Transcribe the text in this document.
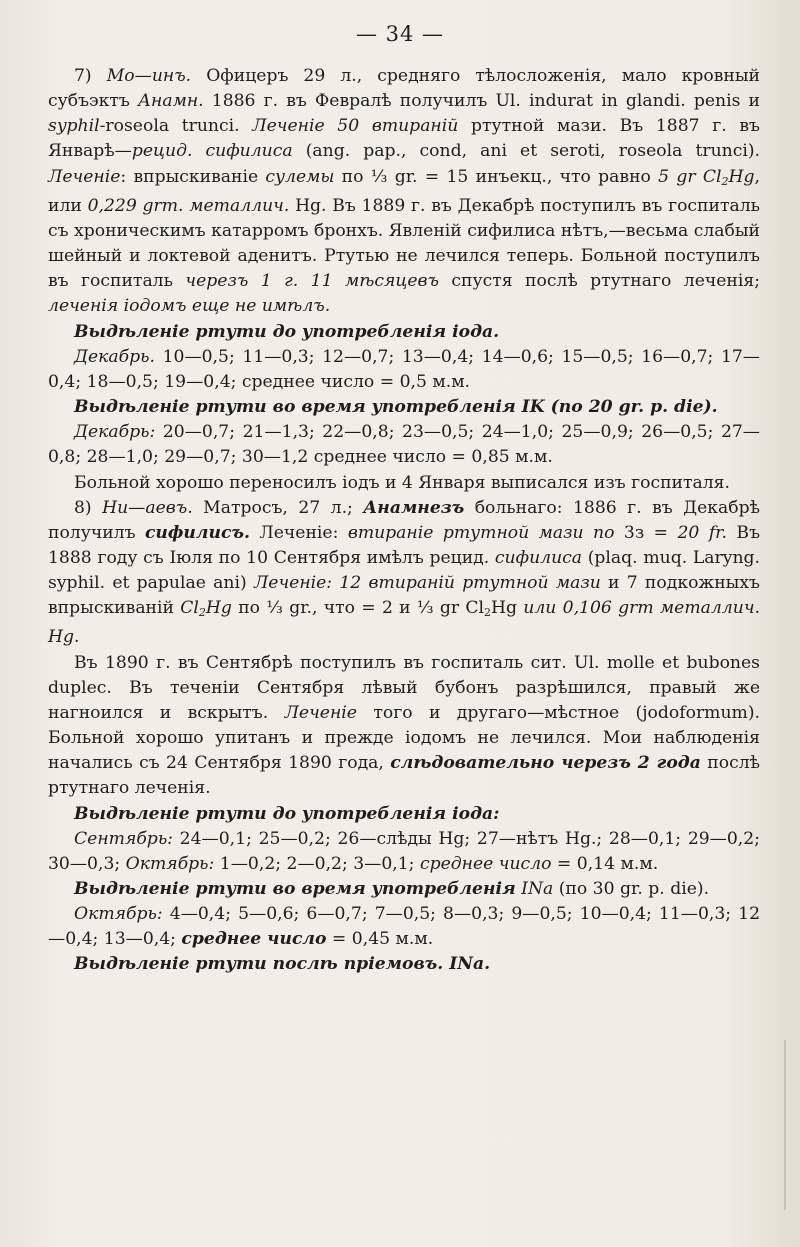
— 34 —

7) Мо—инъ. Офицеръ 29 л., средняго тѣлосложенія, мало кровный субъэктъ Анамн. 1886 г. въ Февралѣ получилъ Ul. indurat in glandi. penis и syphil-roseola trunci. Леченіе 50 втираній ртутной мази. Въ 1887 г. въ Январѣ—рецид. сифилиса (ang. pap., cond, ani et seroti, roseola trunci). Леченіе: впрыскиваніе сулемы по ⅓ gr. = 15 инъекц., что равно 5 gr $Cl_2Hg$, или 0,229 grm. металлич. Hg. Въ 1889 г. въ Декабрѣ поступилъ въ госпиталь съ хроническимъ катарромъ бронхъ. Явленій сифилиса нѣтъ,—весьма слабый шейный и локтевой аденитъ. Ртутью не лечился теперь. Больной поступилъ въ госпиталь черезъ 1 г. 11 мѣсяцевъ спустя послѣ ртутнаго леченія; леченія іодомъ еще не имѣлъ.

Выдѣленіе ртути до употребленія іода.

Декабрь. 10—0,5; 11—0,3; 12—0,7; 13—0,4; 14—0,6; 15—0,5; 16—0,7; 17—0,4; 18—0,5; 19—0,4; среднее число = 0,5 м.м.

Выдѣленіе ртути во время употребленія IK (по 20 gr. p. die).

Декабрь: 20—0,7; 21—1,3; 22—0,8; 23—0,5; 24—1,0; 25—0,9; 26—0,5; 27—0,8; 28—1,0; 29—0,7; 30—1,2 среднее число = 0,85 м.м.

Больной хорошо переносилъ іодъ и 4 Января выписался изъ госпиталя.

8) Ни—аевъ. Матросъ, 27 л.; Анамнезъ больнаго: 1886 г. въ Декабрѣ получилъ сифилисъ. Леченіе: втираніе ртутной мази по 3з = 20 fr. Въ 1888 году съ Іюля по 10 Сентября имѣлъ рецид. сифилиса (plaq. muq. Laryng. syphil. et papulae ani) Леченіе: 12 втираній ртутной мази и 7 подкожныхъ впрыскиваній $Cl_2Hg$ по ⅓ gr., что = 2 и ⅓ gr $Cl_2Hg$ или 0,106 grm металлич. Hg.

Въ 1890 г. въ Сентябрѣ поступилъ въ госпиталь сит. Ul. molle et bubones duplec. Въ теченіи Сентября лѣвый бубонъ разрѣшился, правый же нагноился и вскрытъ. Леченіе того и другаго—мѣстное (jodoformum). Больной хорошо упитанъ и прежде іодомъ не лечился. Мои наблюденія начались съ 24 Сентября 1890 года, слѣдовательно черезъ 2 года послѣ ртутнаго леченія.

Выдѣленіе ртути до употребленія іода:

Сентябрь: 24—0,1; 25—0,2; 26—слѣды Hg; 27—нѣтъ Hg.; 28—0,1; 29—0,2; 30—0,3; Октябрь: 1—0,2; 2—0,2; 3—0,1; среднее число = 0,14 м.м.

Выдѣленіе ртути во время употребленія INa (по 30 gr. p. die).

Октябрь: 4—0,4; 5—0,6; 6—0,7; 7—0,5; 8—0,3; 9—0,5; 10—0,4; 11—0,3; 12—0,4; 13—0,4; среднее число = 0,45 м.м.

Выдѣленіе ртути послѣ пріемовъ. INa.
